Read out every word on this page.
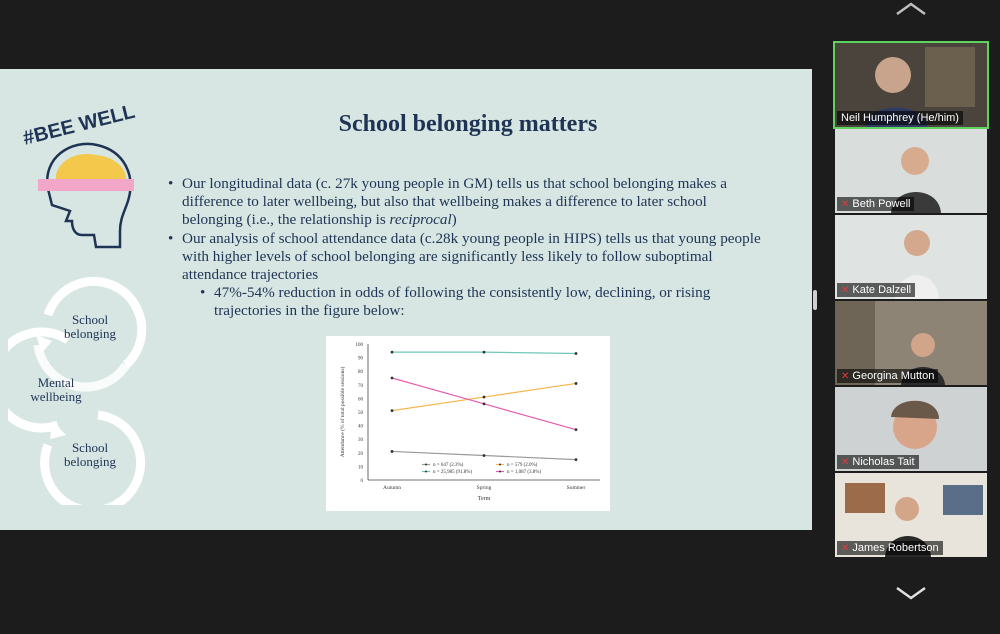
#BEE WELL
School belonging
Mental wellbeing
School belonging
School belonging matters
• Our longitudinal data (c. 27k young people in GM) tells us that school belonging makes a difference to later wellbeing, but also that wellbeing makes a difference to later school belonging (i.e., the relationship is reciprocal)
• Our analysis of school attendance data (c.28k young people in HIPS) tells us that young people with higher levels of school belonging are significantly less likely to follow suboptimal attendance trajectories
• 47%-54% reduction in odds of following the consistently low, declining, or rising trajectories in the figure below:
0
10
20
30
40
50
60
70
80
90
100
Autumn	Spring	Summer
Term
Attendance (% of total possible sessions)
n = 647 (2.3%)	n = 579 (2.0%)
n = 25,985 (91.8%)	n = 1,087 (3.8%)
Neil Humphrey (He/him)
✕ Beth Powell
✕ Kate Dalzell
✕ Georgina Mutton
✕ Nicholas Tait
✕ James Robertson
